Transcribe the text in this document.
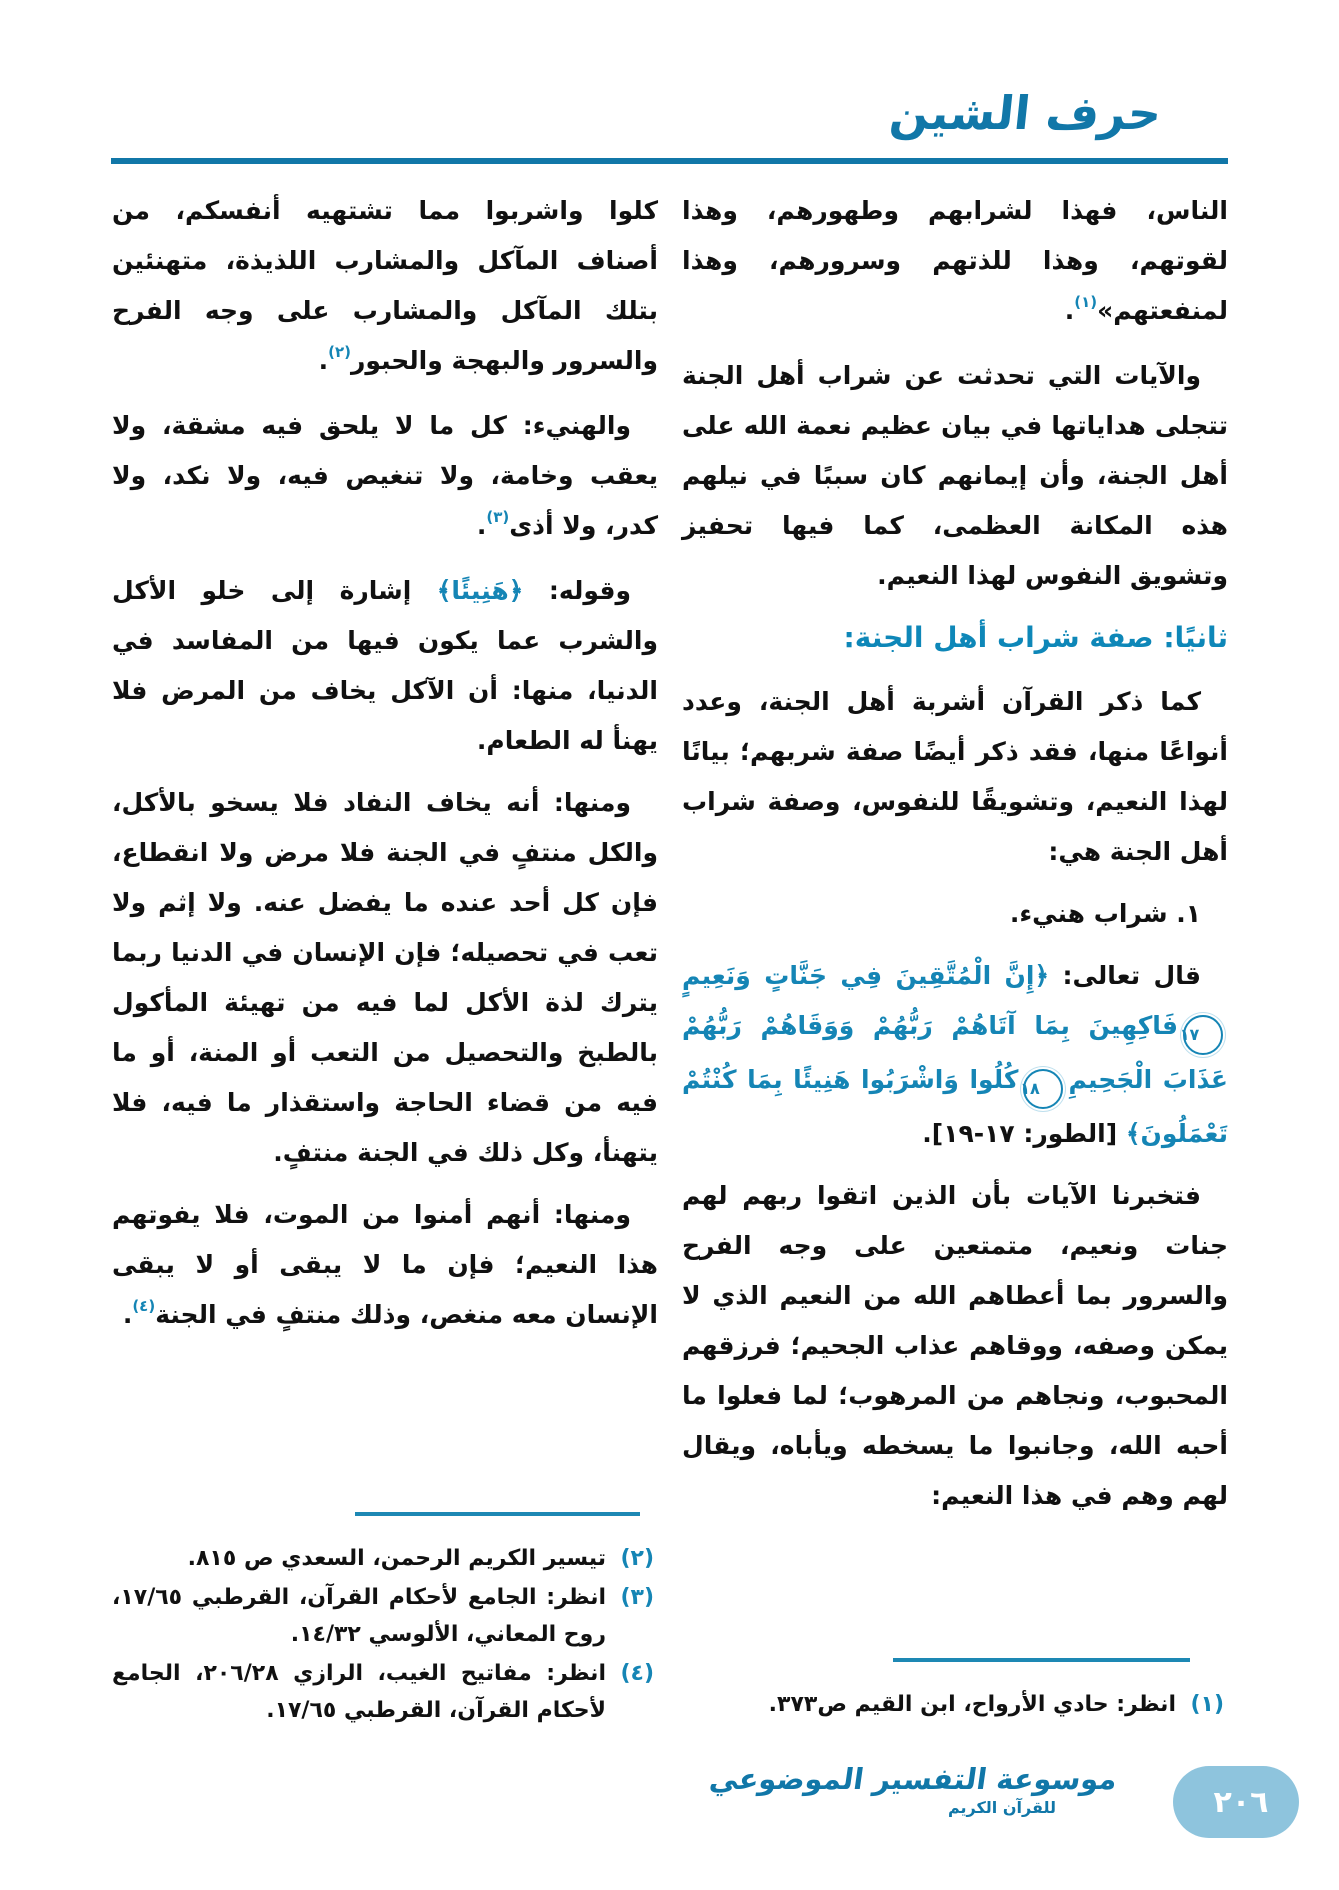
حرف الشين

الناس، فهذا لشرابهم وطهورهم، وهذا لقوتهم، وهذا للذتهم وسرورهم، وهذا لمنفعتهم»$^{(١)}$.

والآيات التي تحدثت عن شراب أهل الجنة تتجلى هداياتها في بيان عظيم نعمة الله على أهل الجنة، وأن إيمانهم كان سببًا في نيلهم هذه المكانة العظمى، كما فيها تحفيز وتشويق النفوس لهذا النعيم.

ثانيًا: صفة شراب أهل الجنة:

كما ذكر القرآن أشربة أهل الجنة، وعدد أنواعًا منها، فقد ذكر أيضًا صفة شربهم؛ بيانًا لهذا النعيم، وتشويقًا للنفوس، وصفة شراب أهل الجنة هي:

١. شراب هنيء.

قال تعالى: ﴿إِنَّ الْمُتَّقِينَ فِي جَنَّاتٍ وَنَعِيمٍ١٧فَاكِهِينَ بِمَا آتَاهُمْ رَبُّهُمْ وَوَقَاهُمْ رَبُّهُمْ عَذَابَ الْجَحِيمِ١٨كُلُوا وَاشْرَبُوا هَنِيئًا بِمَا كُنْتُمْ تَعْمَلُونَ﴾ [الطور: ١٧-١٩].

فتخبرنا الآيات بأن الذين اتقوا ربهم لهم جنات ونعيم، متمتعين على وجه الفرح والسرور بما أعطاهم الله من النعيم الذي لا يمكن وصفه، ووقاهم عذاب الجحيم؛ فرزقهم المحبوب، ونجاهم من المرهوب؛ لما فعلوا ما أحبه الله، وجانبوا ما يسخطه ويأباه، ويقال لهم وهم في هذا النعيم:

كلوا واشربوا مما تشتهيه أنفسكم، من أصناف المآكل والمشارب اللذيذة، متهنئين بتلك المآكل والمشارب على وجه الفرح والسرور والبهجة والحبور$^{(٢)}$.

والهنيء: كل ما لا يلحق فيه مشقة، ولا يعقب وخامة، ولا تنغيص فيه، ولا نكد، ولا كدر، ولا أذى$^{(٣)}$.

وقوله: ﴿هَنِيئًا﴾ إشارة إلى خلو الأكل والشرب عما يكون فيها من المفاسد في الدنيا، منها: أن الآكل يخاف من المرض فلا يهنأ له الطعام.

ومنها: أنه يخاف النفاد فلا يسخو بالأكل، والكل منتفٍ في الجنة فلا مرض ولا انقطاع، فإن كل أحد عنده ما يفضل عنه. ولا إثم ولا تعب في تحصيله؛ فإن الإنسان في الدنيا ربما يترك لذة الأكل لما فيه من تهيئة المأكول بالطبخ والتحصيل من التعب أو المنة، أو ما فيه من قضاء الحاجة واستقذار ما فيه، فلا يتهنأ، وكل ذلك في الجنة منتفٍ.

ومنها: أنهم أمنوا من الموت، فلا يفوتهم هذا النعيم؛ فإن ما لا يبقى أو لا يبقى الإنسان معه منغص، وذلك منتفٍ في الجنة$^{(٤)}$.

(٢)
تيسير الكريم الرحمن، السعدي ص ٨١٥.
(٣)
انظر: الجامع لأحكام القرآن، القرطبي ١٧/٦٥، روح المعاني، الألوسي ١٤/٣٢.
(٤)
انظر: مفاتيح الغيب، الرازي ٢٠٦/٢٨، الجامع لأحكام القرآن، القرطبي ١٧/٦٥.	(١)
انظر: حادي الأرواح، ابن القيم ص٣٧٣.
موسوعة التفسير الموضوعي
للقرآن الكريم	٢٠٦
